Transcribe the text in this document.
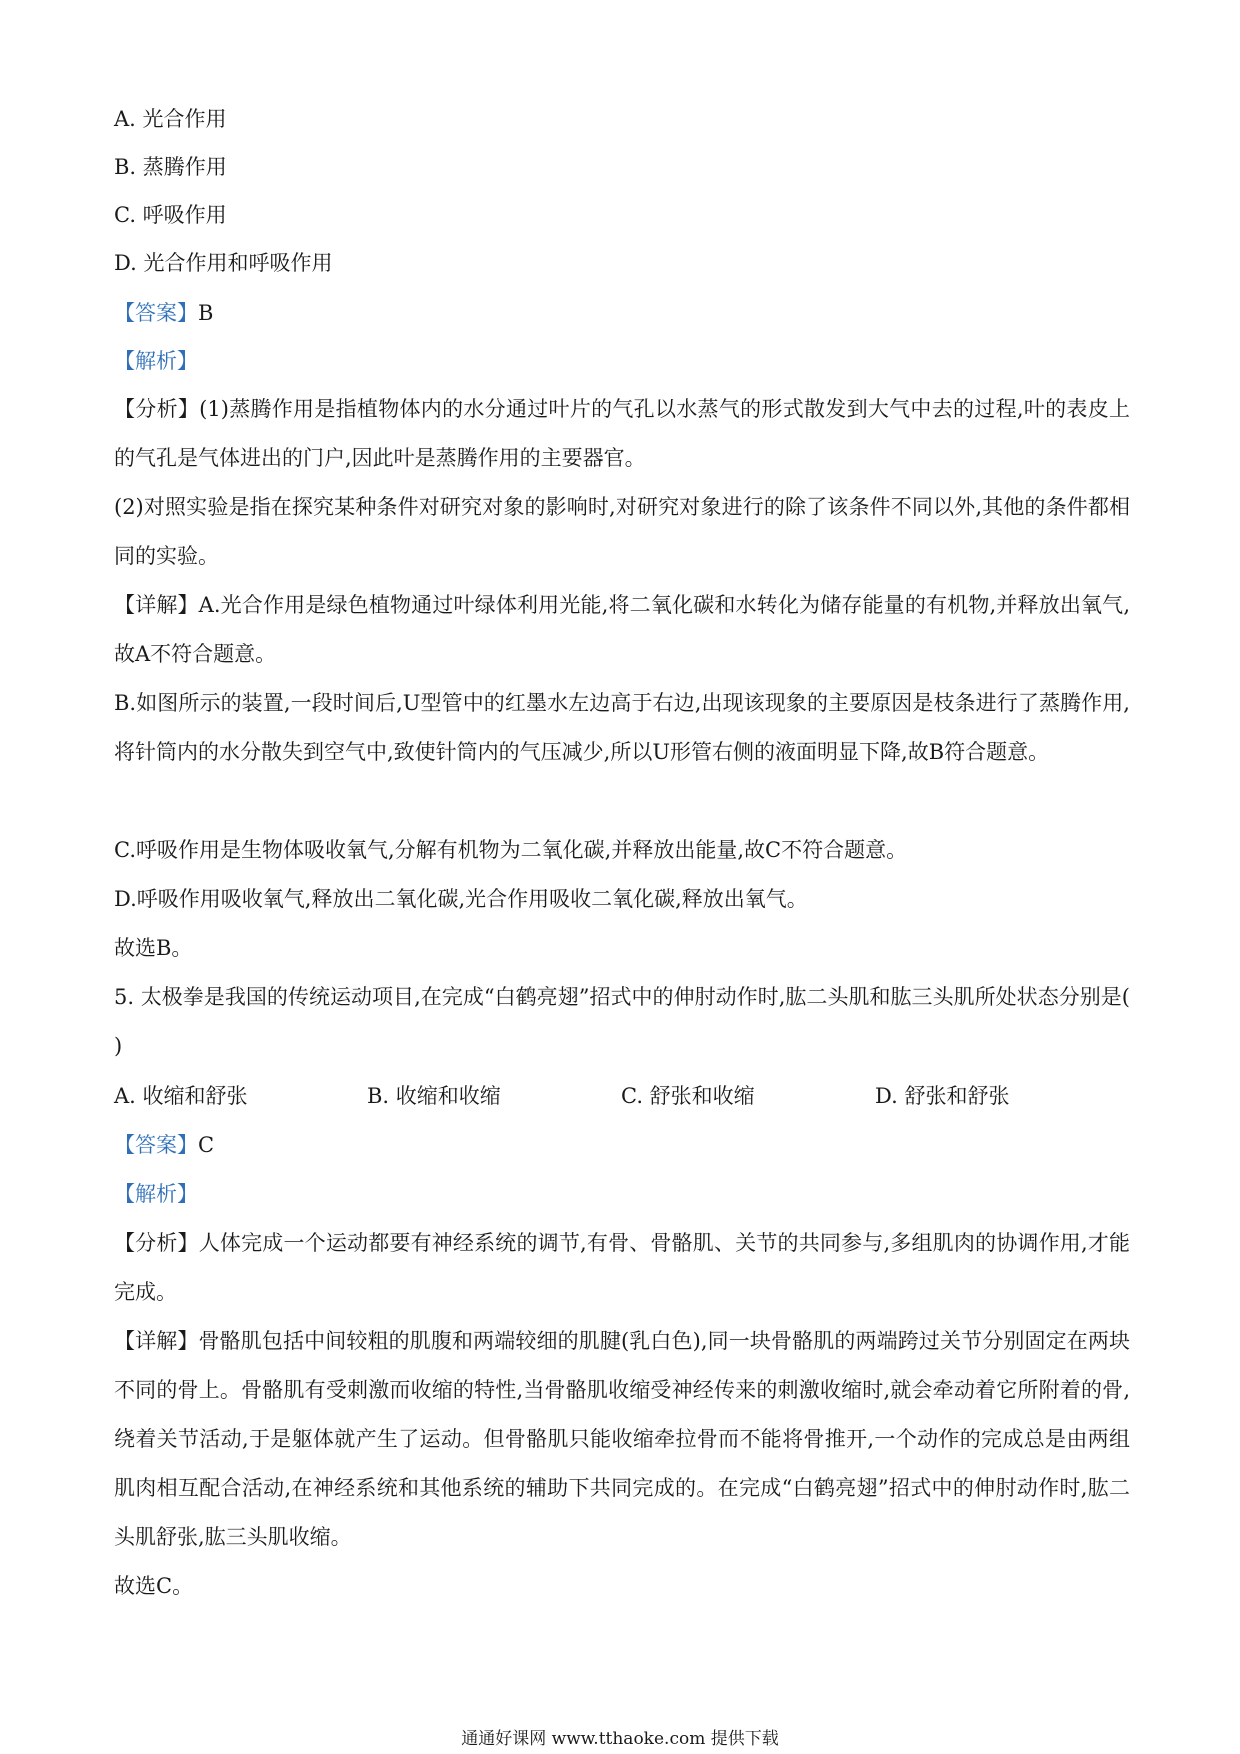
A. 光合作用
B. 蒸腾作用
C. 呼吸作用
D. 光合作用和呼吸作用
【答案】B
【解析】
【分析】(1)蒸腾作用是指植物体内的水分通过叶片的气孔以水蒸气的形式散发到大气中去的过程,叶的表皮上的气孔是气体进出的门户,因此叶是蒸腾作用的主要器官。
(2)对照实验是指在探究某种条件对研究对象的影响时,对研究对象进行的除了该条件不同以外,其他的条件都相同的实验。
【详解】A.光合作用是绿色植物通过叶绿体利用光能,将二氧化碳和水转化为储存能量的有机物,并释放出氧气,故A不符合题意。
B.如图所示的装置,一段时间后,U型管中的红墨水左边高于右边,出现该现象的主要原因是枝条进行了蒸腾作用,将针筒内的水分散失到空气中,致使针筒内的气压减少,所以U形管右侧的液面明显下降,故B符合题意。
C.呼吸作用是生物体吸收氧气,分解有机物为二氧化碳,并释放出能量,故C不符合题意。
D.呼吸作用吸收氧气,释放出二氧化碳,光合作用吸收二氧化碳,释放出氧气。
故选B。
5. 太极拳是我国的传统运动项目,在完成“白鹤亮翅”招式中的伸肘动作时,肱二头肌和肱三头肌所处状态分别是( )
A. 收缩和舒张	B. 收缩和收缩	C. 舒张和收缩	D. 舒张和舒张
【答案】C
【解析】
【分析】人体完成一个运动都要有神经系统的调节,有骨、骨骼肌、关节的共同参与,多组肌肉的协调作用,才能完成。
【详解】骨骼肌包括中间较粗的肌腹和两端较细的肌腱(乳白色),同一块骨骼肌的两端跨过关节分别固定在两块不同的骨上。骨骼肌有受刺激而收缩的特性,当骨骼肌收缩受神经传来的刺激收缩时,就会牵动着它所附着的骨,绕着关节活动,于是躯体就产生了运动。但骨骼肌只能收缩牵拉骨而不能将骨推开,一个动作的完成总是由两组肌肉相互配合活动,在神经系统和其他系统的辅助下共同完成的。在完成“白鹤亮翅”招式中的伸肘动作时,肱二头肌舒张,肱三头肌收缩。
故选C。
通通好课网 www.tthaoke.com 提供下载
